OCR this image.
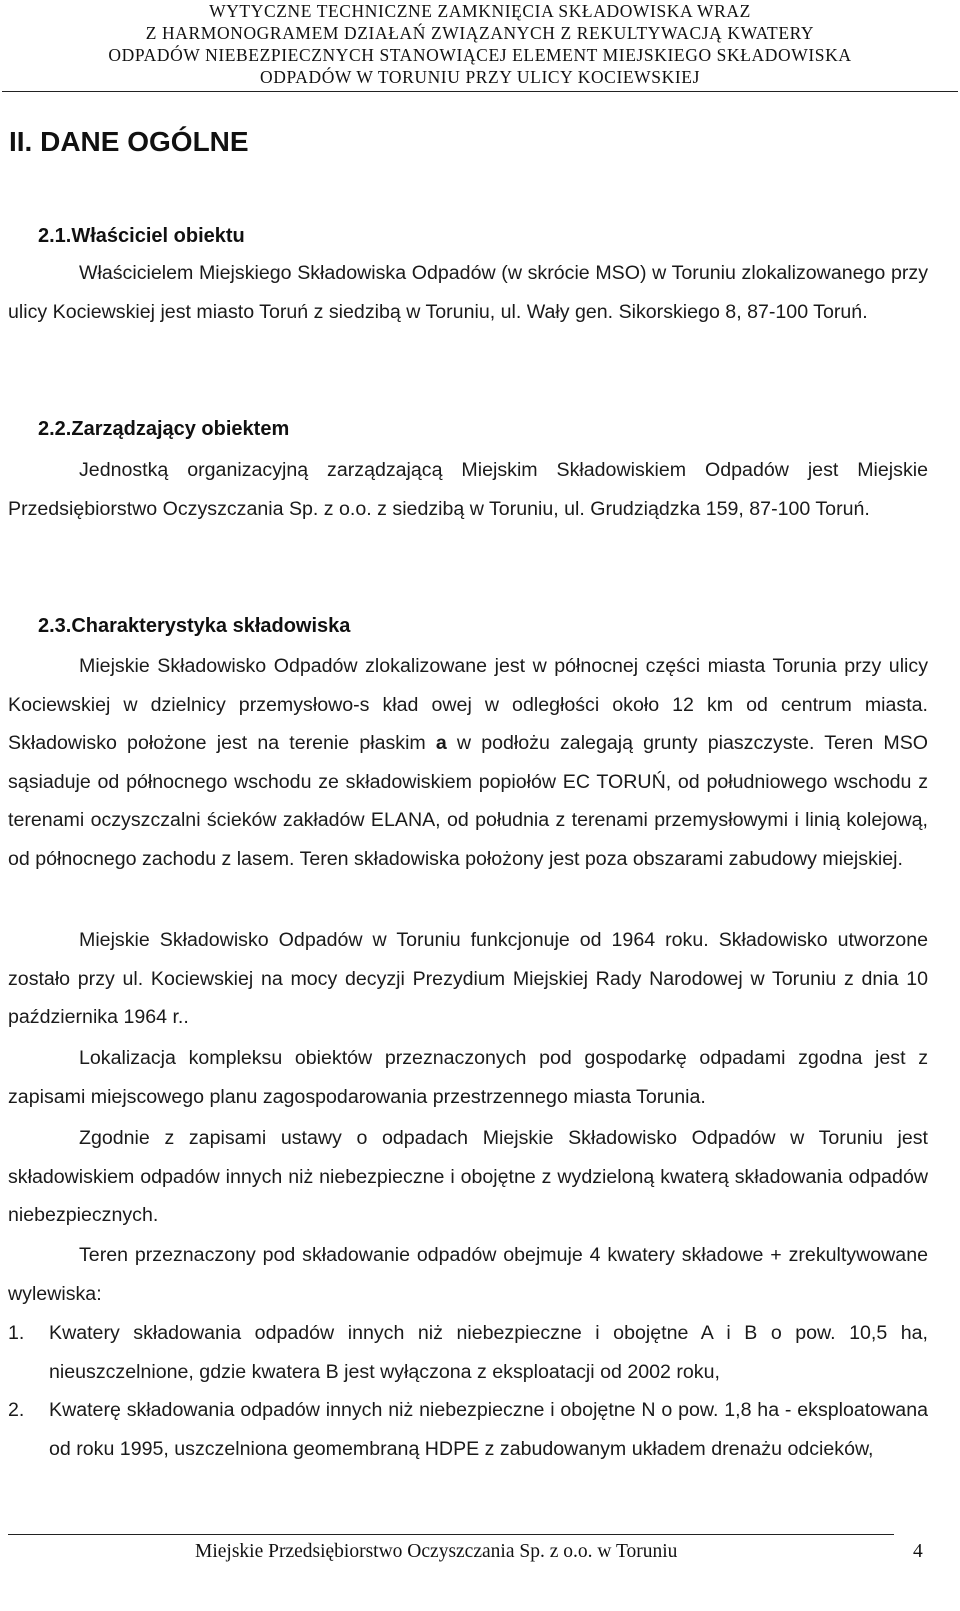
WYTYCZNE TECHNICZNE ZAMKNIĘCIA SKŁADOWISKA WRAZ
Z HARMONOGRAMEM DZIAŁAŃ ZWIĄZANYCH Z REKULTYWACJĄ KWATERY
ODPADÓW NIEBEZPIECZNYCH STANOWIĄCEJ ELEMENT MIEJSKIEGO SKŁADOWISKA
ODPADÓW W TORUNIU PRZY ULICY KOCIEWSKIEJ
II. DANE OGÓLNE
2.1.Właściciel obiektu

Właścicielem Miejskiego Składowiska Odpadów (w skrócie MSO) w Toruniu zlokalizowanego przy ulicy Kociewskiej jest miasto Toruń z siedzibą w Toruniu, ul. Wały gen. Sikorskiego 8, 87-100 Toruń.

2.2.Zarządzający obiektem

Jednostką organizacyjną zarządzającą Miejskim Składowiskiem Odpadów jest Miejskie Przedsiębiorstwo Oczyszczania Sp. z o.o. z siedzibą w Toruniu, ul. Grudziądzka 159, 87-100 Toruń.

2.3.Charakterystyka składowiska

Miejskie Składowisko Odpadów zlokalizowane jest w północnej części miasta Torunia przy ulicy Kociewskiej w dzielnicy przemysłowo-s kład owej w odległości około 12 km od centrum miasta. Składowisko położone jest na terenie płaskim a w podłożu zalegają grunty piaszczyste. Teren MSO sąsiaduje od północnego wschodu ze składowiskiem popiołów EC TORUŃ, od południowego wschodu z terenami oczyszczalni ścieków zakładów ELANA, od południa z terenami przemysłowymi i linią kolejową, od północnego zachodu z lasem. Teren składowiska położony jest poza obszarami zabudowy miejskiej.

Miejskie Składowisko Odpadów w Toruniu funkcjonuje od 1964 roku. Składowisko utworzone zostało przy ul. Kociewskiej na mocy decyzji Prezydium Miejskiej Rady Narodowej w Toruniu z dnia 10 października 1964 r..

Lokalizacja kompleksu obiektów przeznaczonych pod gospodarkę odpadami zgodna jest z zapisami miejscowego planu zagospodarowania przestrzennego miasta Torunia.

Zgodnie z zapisami ustawy o odpadach Miejskie Składowisko Odpadów w Toruniu jest składowiskiem odpadów innych niż niebezpieczne i obojętne z wydzieloną kwaterą składowania odpadów niebezpiecznych.

Teren przeznaczony pod składowanie odpadów obejmuje 4 kwatery składowe + zrekultywowane wylewiska:

1. Kwatery składowania odpadów innych niż niebezpieczne i obojętne A i B o pow. 10,5 ha, nieuszczelnione, gdzie kwatera B jest wyłączona z eksploatacji od 2002 roku,
2. Kwaterę składowania odpadów innych niż niebezpieczne i obojętne N o pow. 1,8 ha - eksploatowana od roku 1995, uszczelniona geomembraną HDPE z zabudowanym układem drenażu odcieków,
Miejskie Przedsiębiorstwo Oczyszczania Sp. z o.o. w Toruniu	4
